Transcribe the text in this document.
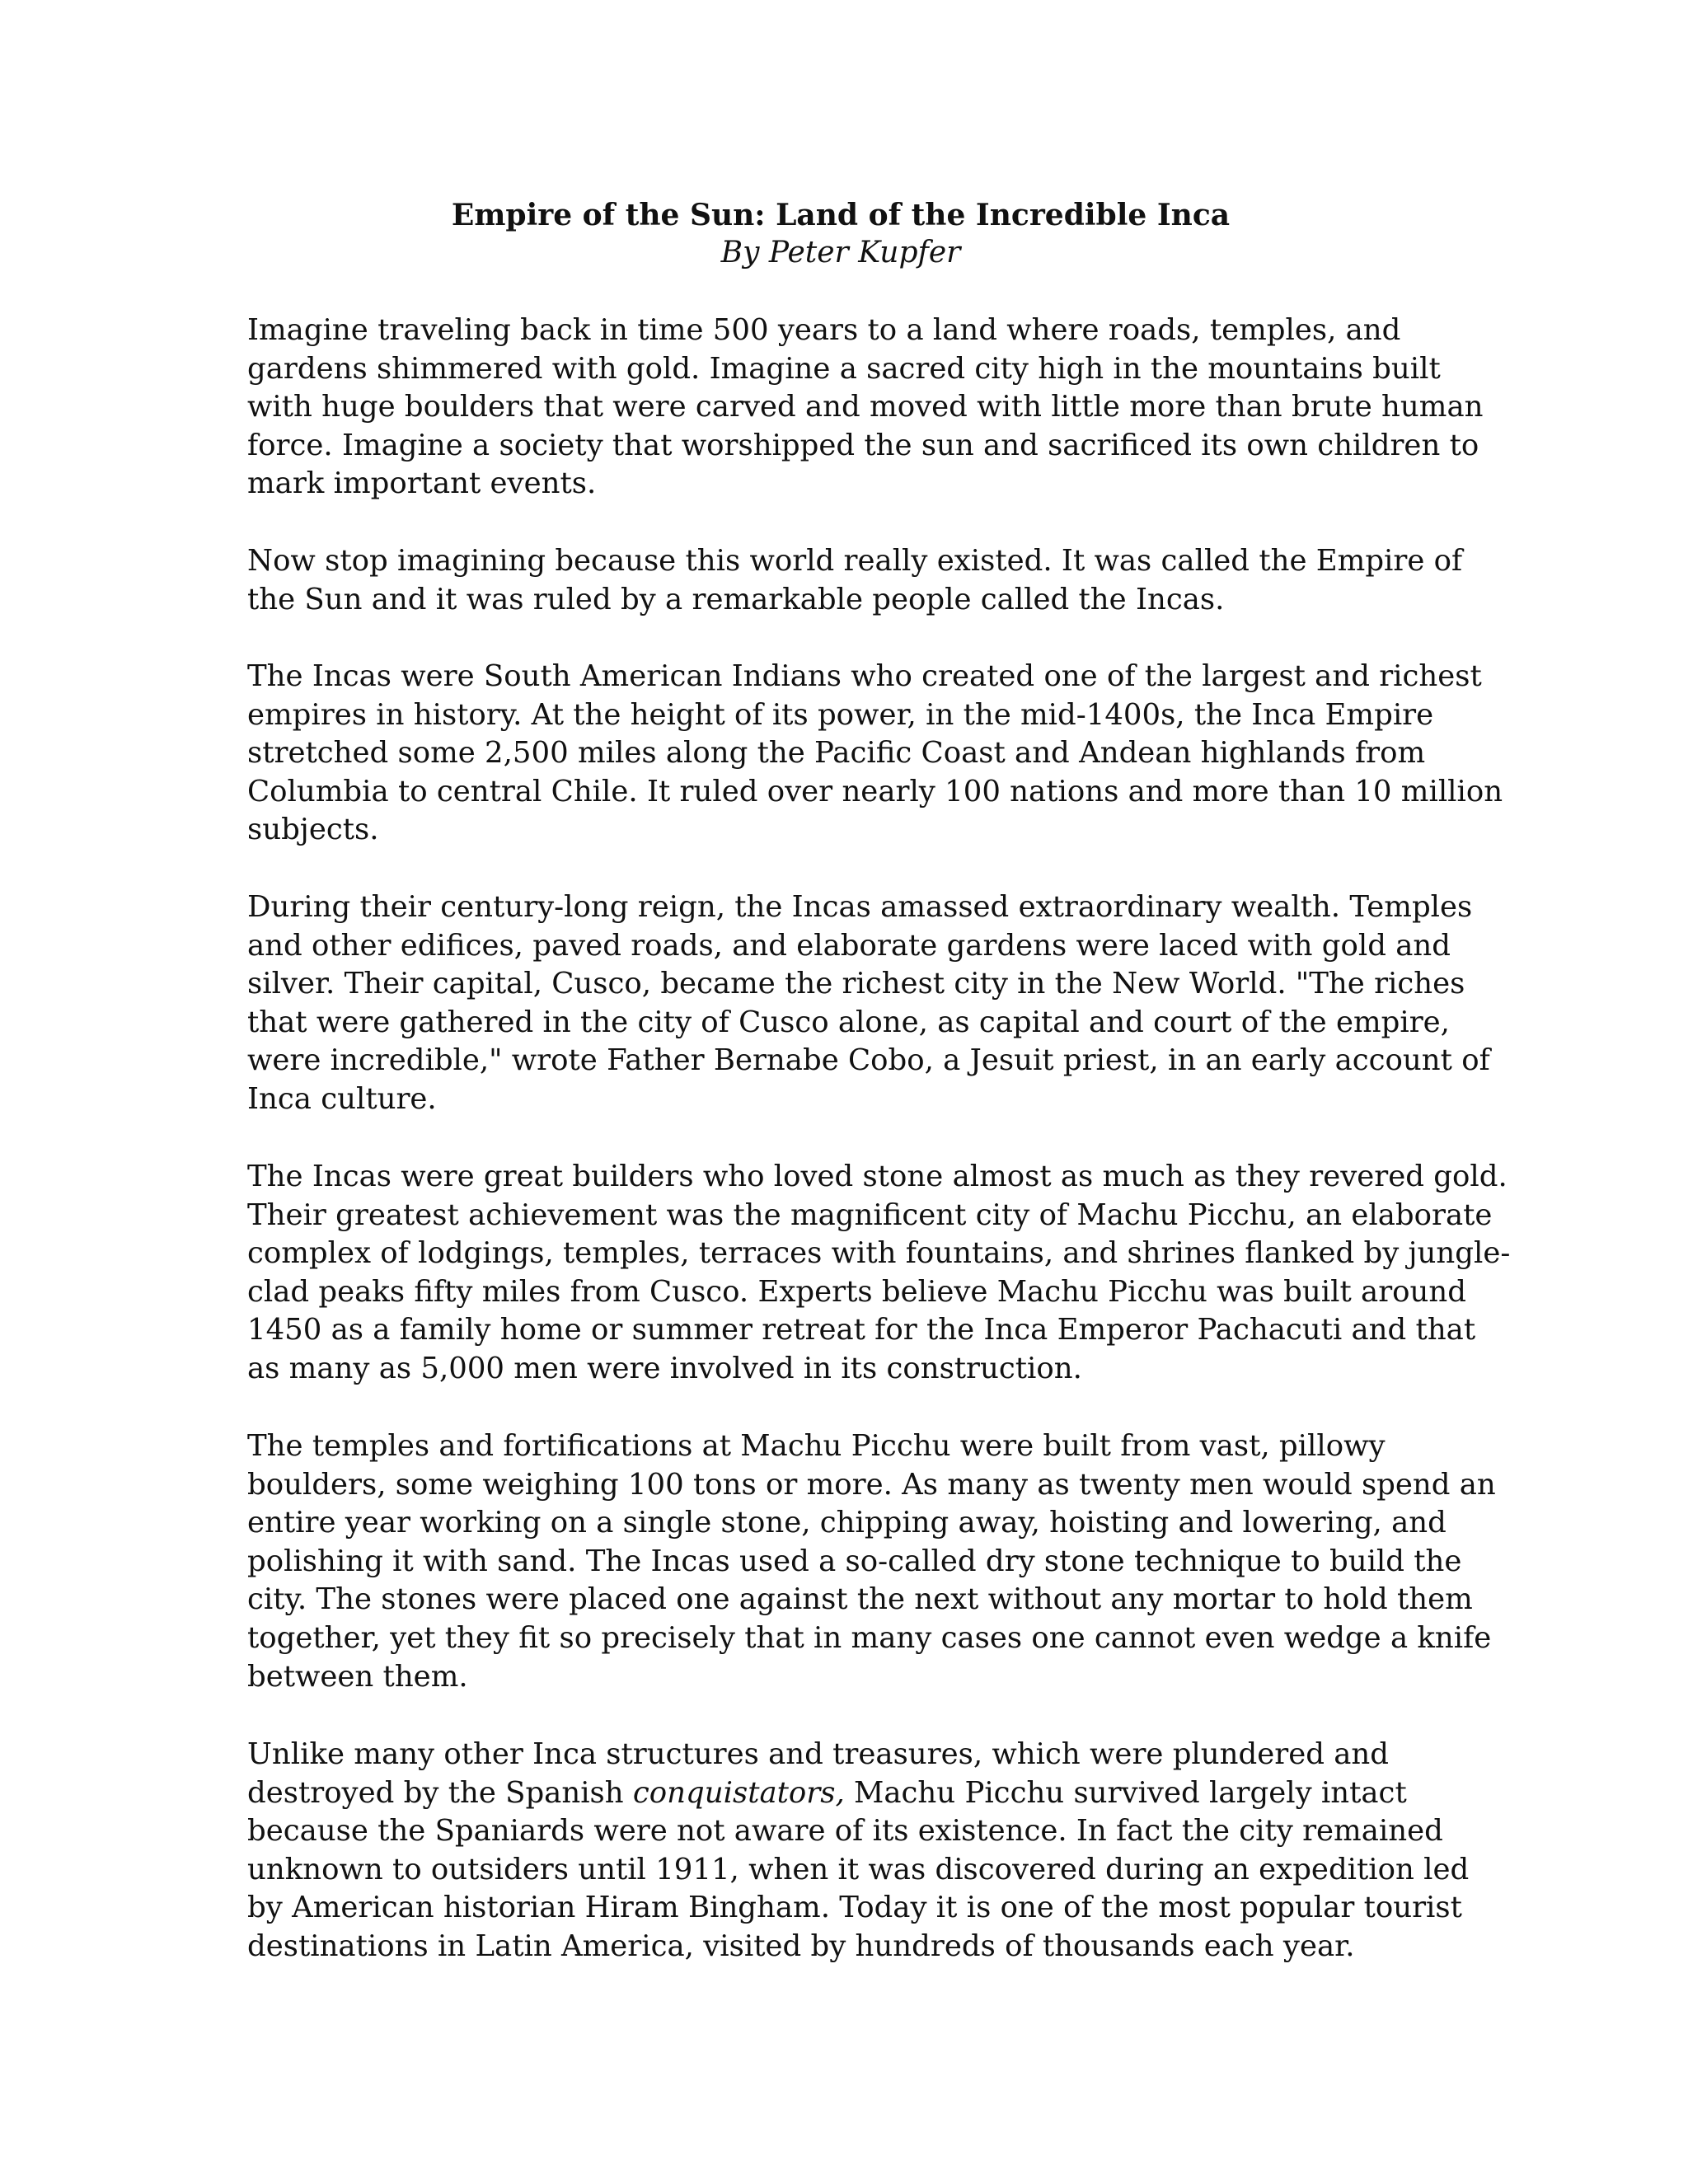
Empire of the Sun: Land of the Incredible Inca
By Peter Kupfer

Imagine traveling back in time 500 years to a land where roads, temples, and
gardens shimmered with gold. Imagine a sacred city high in the mountains built
with huge boulders that were carved and moved with little more than brute human
force. Imagine a society that worshipped the sun and sacrificed its own children to
mark important events.

Now stop imagining because this world really existed. It was called the Empire of
the Sun and it was ruled by a remarkable people called the Incas.

The Incas were South American Indians who created one of the largest and richest
empires in history. At the height of its power, in the mid-1400s, the Inca Empire
stretched some 2,500 miles along the Pacific Coast and Andean highlands from
Columbia to central Chile. It ruled over nearly 100 nations and more than 10 million
subjects.

During their century-long reign, the Incas amassed extraordinary wealth. Temples
and other edifices, paved roads, and elaborate gardens were laced with gold and
silver. Their capital, Cusco, became the richest city in the New World. "The riches
that were gathered in the city of Cusco alone, as capital and court of the empire,
were incredible," wrote Father Bernabe Cobo, a Jesuit priest, in an early account of
Inca culture.

The Incas were great builders who loved stone almost as much as they revered gold.
Their greatest achievement was the magnificent city of Machu Picchu, an elaborate
complex of lodgings, temples, terraces with fountains, and shrines flanked by jungle-
clad peaks fifty miles from Cusco. Experts believe Machu Picchu was built around
1450 as a family home or summer retreat for the Inca Emperor Pachacuti and that
as many as 5,000 men were involved in its construction.

The temples and fortifications at Machu Picchu were built from vast, pillowy
boulders, some weighing 100 tons or more. As many as twenty men would spend an
entire year working on a single stone, chipping away, hoisting and lowering, and
polishing it with sand. The Incas used a so-called dry stone technique to build the
city. The stones were placed one against the next without any mortar to hold them
together, yet they fit so precisely that in many cases one cannot even wedge a knife
between them.

Unlike many other Inca structures and treasures, which were plundered and
destroyed by the Spanish conquistators, Machu Picchu survived largely intact
because the Spaniards were not aware of its existence. In fact the city remained
unknown to outsiders until 1911, when it was discovered during an expedition led
by American historian Hiram Bingham. Today it is one of the most popular tourist
destinations in Latin America, visited by hundreds of thousands each year.
